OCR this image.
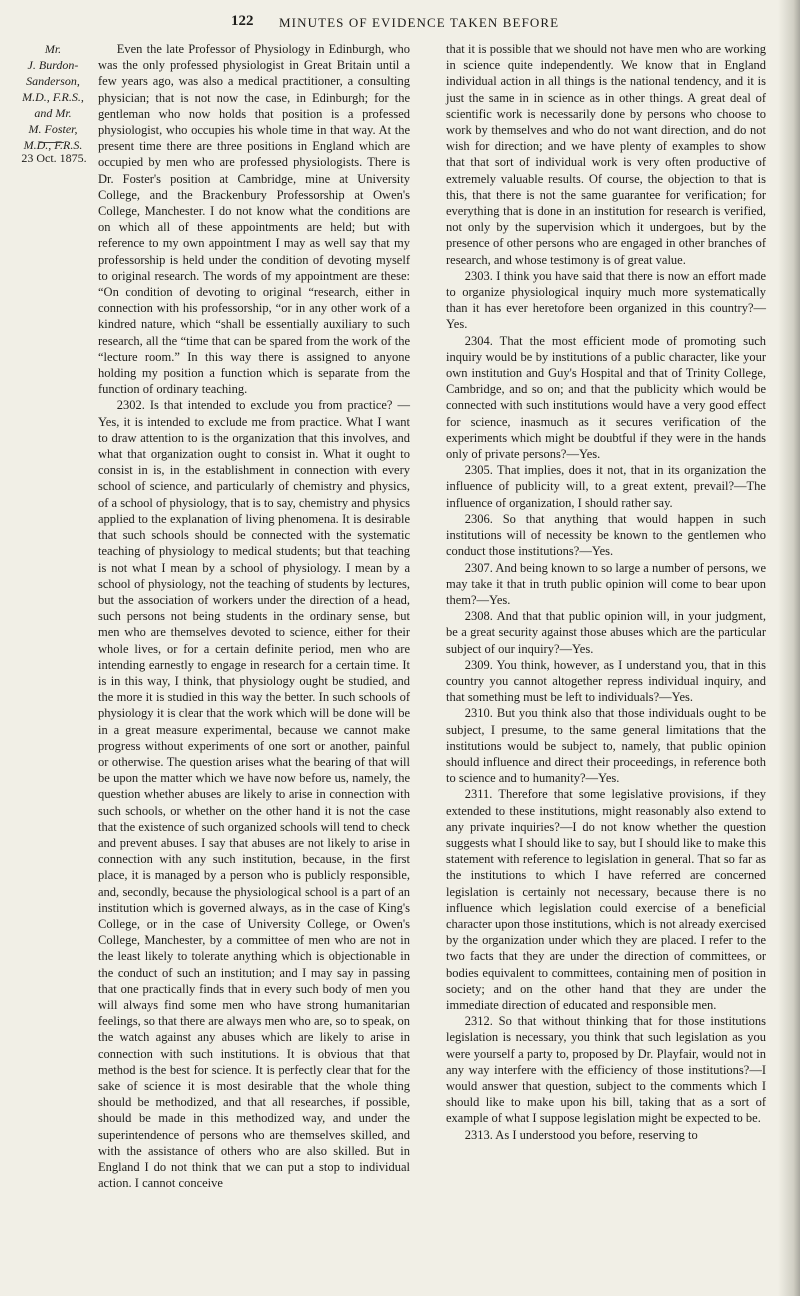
122 MINUTES OF EVIDENCE TAKEN BEFORE
Mr.
J. Burdon-
Sanderson,
M.D., F.R.S.,
and Mr.
M. Foster,
M.D., F.R.S.
23 Oct. 1875.

Even the late Professor of Physiology in Edinburgh, who was the only professed physiologist in Great Britain until a few years ago, was also a medical practitioner, a consulting physician; that is not now the case, in Edinburgh; for the gentleman who now holds that position is a professed physiologist, who occupies his whole time in that way. At the present time there are three positions in England which are occupied by men who are professed physiologists. There is Dr. Foster's position at Cambridge, mine at University College, and the Brackenbury Professorship at Owen's College, Manchester. I do not know what the conditions are on which all of these appointments are held; but with reference to my own appointment I may as well say that my professorship is held under the condition of devoting myself to original research. The words of my appointment are these: “On condition of devoting to original “research, either in connection with his professorship, “or in any other work of a kindred nature, which “shall be essentially auxiliary to such research, all the “time that can be spared from the work of the “lecture room.” In this way there is assigned to anyone holding my position a function which is separate from the function of ordinary teaching.

2302. Is that intended to exclude you from practice? —Yes, it is intended to exclude me from practice. What I want to draw attention to is the organization that this involves, and what that organization ought to consist in. What it ought to consist in is, in the establishment in connection with every school of science, and particularly of chemistry and physics, of a school of physiology, that is to say, chemistry and physics applied to the explanation of living phenomena. It is desirable that such schools should be connected with the systematic teaching of physiology to medical students; but that teaching is not what I mean by a school of physiology. I mean by a school of physiology, not the teaching of students by lectures, but the association of workers under the direction of a head, such persons not being students in the ordinary sense, but men who are themselves devoted to science, either for their whole lives, or for a certain definite period, men who are intending earnestly to engage in research for a certain time. It is in this way, I think, that physiology ought be studied, and the more it is studied in this way the better. In such schools of physiology it is clear that the work which will be done will be in a great measure experimental, because we cannot make progress without experiments of one sort or another, painful or otherwise. The question arises what the bearing of that will be upon the matter which we have now before us, namely, the question whether abuses are likely to arise in connection with such schools, or whether on the other hand it is not the case that the existence of such organized schools will tend to check and prevent abuses. I say that abuses are not likely to arise in connection with any such institution, because, in the first place, it is managed by a person who is publicly responsible, and, secondly, because the physiological school is a part of an institution which is governed always, as in the case of King's College, or in the case of University College, or Owen's College, Manchester, by a committee of men who are not in the least likely to tolerate anything which is objectionable in the conduct of such an institution; and I may say in passing that one practically finds that in every such body of men you will always find some men who have strong humanitarian feelings, so that there are always men who are, so to speak, on the watch against any abuses which are likely to arise in connection with such institutions. It is obvious that that method is the best for science. It is perfectly clear that for the sake of science it is most desirable that the whole thing should be methodized, and that all researches, if possible, should be made in this methodized way, and under the superintendence of persons who are themselves skilled, and with the assistance of others who are also skilled. But in England I do not think that we can put a stop to individual action. I cannot conceive

that it is possible that we should not have men who are working in science quite independently. We know that in England individual action in all things is the national tendency, and it is just the same in in science as in other things. A great deal of scientific work is necessarily done by persons who choose to work by themselves and who do not want direction, and do not wish for direction; and we have plenty of examples to show that that sort of individual work is very often productive of extremely valuable results. Of course, the objection to that is this, that there is not the same guarantee for verification; for everything that is done in an institution for research is verified, not only by the supervision which it undergoes, but by the presence of other persons who are engaged in other branches of research, and whose testimony is of great value.

2303. I think you have said that there is now an effort made to organize physiological inquiry much more systematically than it has ever heretofore been organized in this country?—Yes.

2304. That the most efficient mode of promoting such inquiry would be by institutions of a public character, like your own institution and Guy's Hospital and that of Trinity College, Cambridge, and so on; and that the publicity which would be connected with such institutions would have a very good effect for science, inasmuch as it secures verification of the experiments which might be doubtful if they were in the hands only of private persons?—Yes.

2305. That implies, does it not, that in its organization the influence of publicity will, to a great extent, prevail?—The influence of organization, I should rather say.

2306. So that anything that would happen in such institutions will of necessity be known to the gentlemen who conduct those institutions?—Yes.

2307. And being known to so large a number of persons, we may take it that in truth public opinion will come to bear upon them?—Yes.

2308. And that that public opinion will, in your judgment, be a great security against those abuses which are the particular subject of our inquiry?—Yes.

2309. You think, however, as I understand you, that in this country you cannot altogether repress individual inquiry, and that something must be left to individuals?—Yes.

2310. But you think also that those individuals ought to be subject, I presume, to the same general limitations that the institutions would be subject to, namely, that public opinion should influence and direct their proceedings, in reference both to science and to humanity?—Yes.

2311. Therefore that some legislative provisions, if they extended to these institutions, might reasonably also extend to any private inquiries?—I do not know whether the question suggests what I should like to say, but I should like to make this statement with reference to legislation in general. That so far as the institutions to which I have referred are concerned legislation is certainly not necessary, because there is no influence which legislation could exercise of a beneficial character upon those institutions, which is not already exercised by the organization under which they are placed. I refer to the two facts that they are under the direction of committees, or bodies equivalent to committees, containing men of position in society; and on the other hand that they are under the immediate direction of educated and responsible men.

2312. So that without thinking that for those institutions legislation is necessary, you think that such legislation as you were yourself a party to, proposed by Dr. Playfair, would not in any way interfere with the efficiency of those institutions?—I would answer that question, subject to the comments which I should like to make upon his bill, taking that as a sort of example of what I suppose legislation might be expected to be.

2313. As I understood you before, reserving to
